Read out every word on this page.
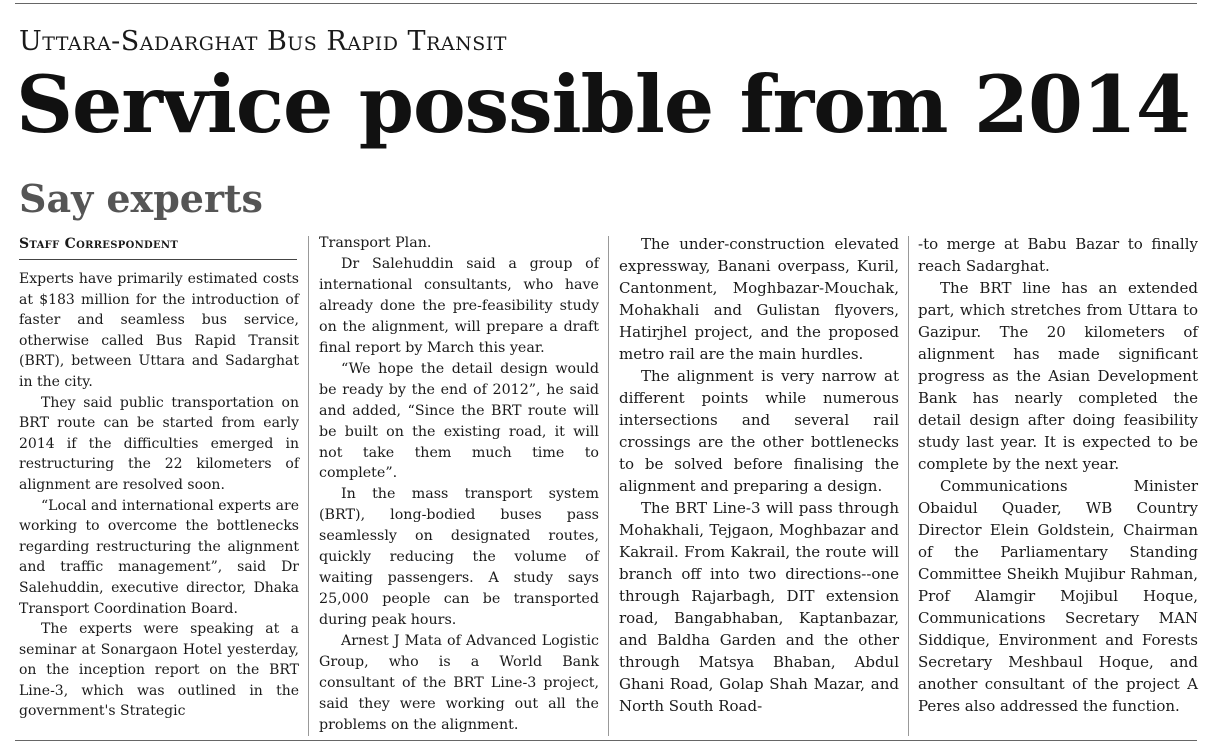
Uttara-Sadarghat Bus Rapid Transit
Service possible from 2014
Say experts
Staff Correspondent

Experts have primarily estimated costs at $183 million for the introduction of faster and seamless bus service, otherwise called Bus Rapid Transit (BRT), between Uttara and Sadarghat in the city.

They said public transportation on BRT route can be started from early 2014 if the difficulties emerged in restructuring the 22 kilometers of alignment are resolved soon.

“Local and international experts are working to overcome the bottlenecks regarding restructuring the alignment and traffic management”, said Dr Salehuddin, executive director, Dhaka Transport Coordination Board.

The experts were speaking at a seminar at Sonargaon Hotel yesterday, on the inception report on the BRT Line-3, which was outlined in the government's Strategic

Transport Plan.

Dr Salehuddin said a group of international consultants, who have already done the pre-feasibility study on the alignment, will prepare a draft final report by March this year.

“We hope the detail design would be ready by the end of 2012”, he said and added, “Since the BRT route will be built on the existing road, it will not take them much time to complete”.

In the mass transport system (BRT), long-bodied buses pass seamlessly on designated routes, quickly reducing the volume of waiting passengers. A study says 25,000 people can be transported during peak hours.

Arnest J Mata of Advanced Logistic Group, who is a World Bank consultant of the BRT Line-3 project, said they were working out all the problems on the alignment.

The under-construction elevated expressway, Banani overpass, Kuril, Cantonment, Moghbazar-Mouchak, Mohakhali and Gulistan flyovers, Hatirjhel project, and the proposed metro rail are the main hurdles.

The alignment is very narrow at different points while numerous intersections and several rail crossings are the other bottlenecks to be solved before finalising the alignment and preparing a design.

The BRT Line-3 will pass through Mohakhali, Tejgaon, Moghbazar and Kakrail. From Kakrail, the route will branch off into two directions--one through Rajarbagh, DIT extension road, Bangabhaban, Kaptanbazar, and Baldha Garden and the other through Matsya Bhaban, Abdul Ghani Road, Golap Shah Mazar, and North South Road-

-to merge at Babu Bazar to finally reach Sadarghat.

The BRT line has an extended part, which stretches from Uttara to Gazipur. The 20 kilometers of alignment has made significant progress as the Asian Development Bank has nearly completed the detail design after doing feasibility study last year. It is expected to be complete by the next year.

Communications Minister Obaidul Quader, WB Country Director Elein Goldstein, Chairman of the Parliamentary Standing Committee Sheikh Mujibur Rahman, Prof Alamgir Mojibul Hoque, Communications Secretary MAN Siddique, Environment and Forests Secretary Meshbaul Hoque, and another consultant of the project A Peres also addressed the function.
